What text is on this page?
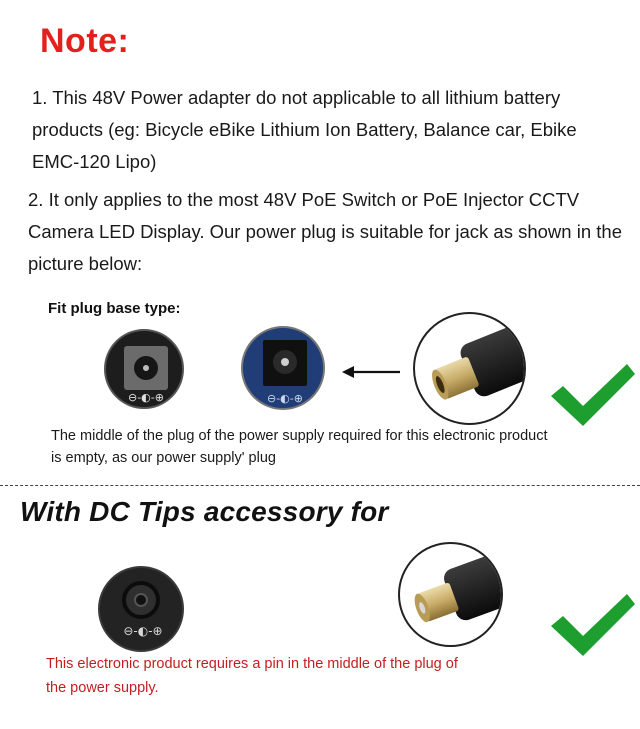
Note:
1. This 48V Power adapter do not applicable to all lithium battery products (eg: Bicycle eBike Lithium Ion Battery, Balance car, Ebike EMC-120 Lipo)
2. It only applies to the most 48V PoE Switch or PoE Injector CCTV Camera LED Display. Our power plug is suitable for jack as shown in the picture below:
Fit plug base type:
⊖-◐-⊕	⊖-◐-⊕
The middle of the plug of the power supply required for this electronic product is empty, as our power supply' plug
With DC Tips accessory for
⊖-◐-⊕
This electronic product requires a pin in the middle of the plug of the power supply.
